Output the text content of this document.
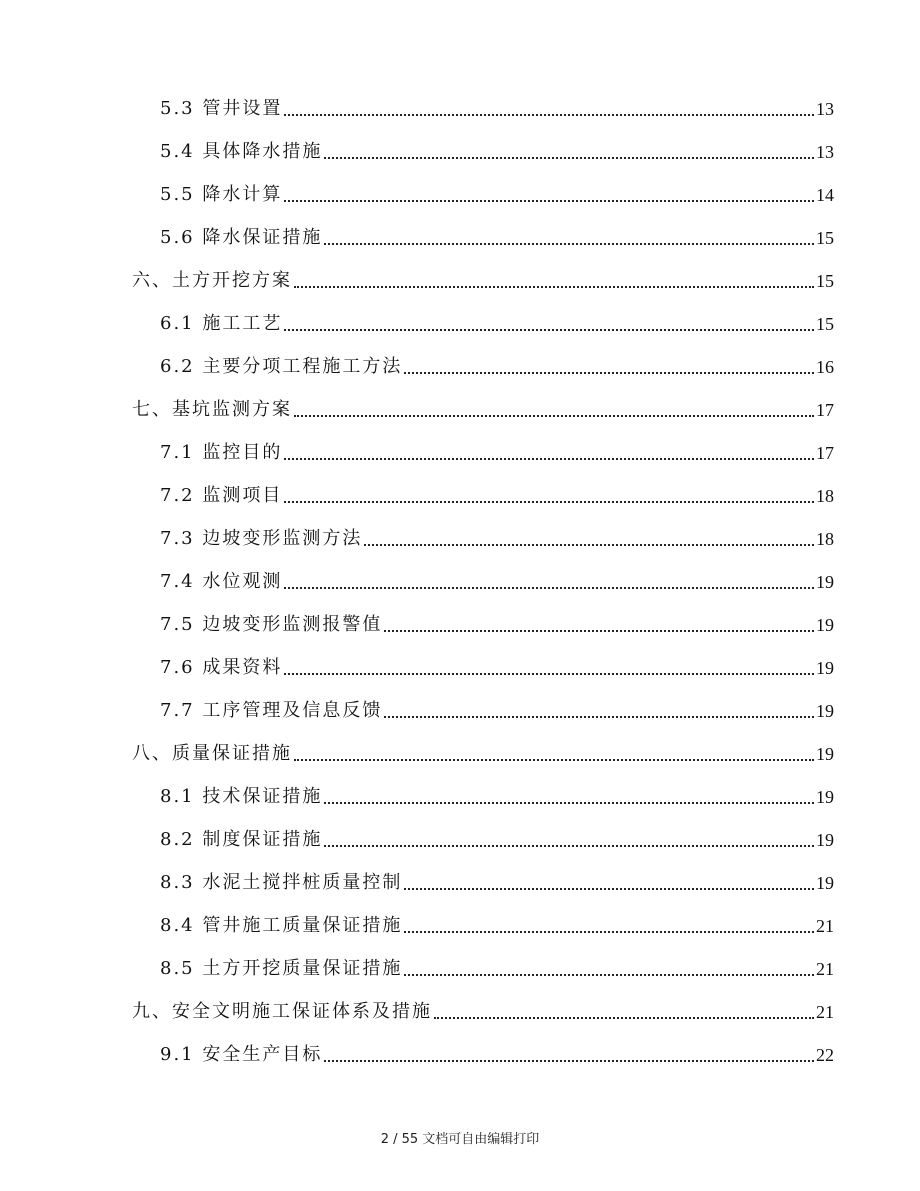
5.3 管井设置	13
5.4 具体降水措施	13
5.5 降水计算	14
5.6 降水保证措施	15
六、土方开挖方案	15
6.1 施工工艺	15
6.2 主要分项工程施工方法	16
七、基坑监测方案	17
7.1 监控目的	17
7.2 监测项目	18
7.3 边坡变形监测方法	18
7.4 水位观测	19
7.5 边坡变形监测报警值	19
7.6 成果资料	19
7.7 工序管理及信息反馈	19
八、质量保证措施	19
8.1 技术保证措施	19
8.2 制度保证措施	19
8.3 水泥土搅拌桩质量控制	19
8.4 管井施工质量保证措施	21
8.5 土方开挖质量保证措施	21
九、安全文明施工保证体系及措施	21
9.1 安全生产目标	22
2 / 55 文档可自由编辑打印
